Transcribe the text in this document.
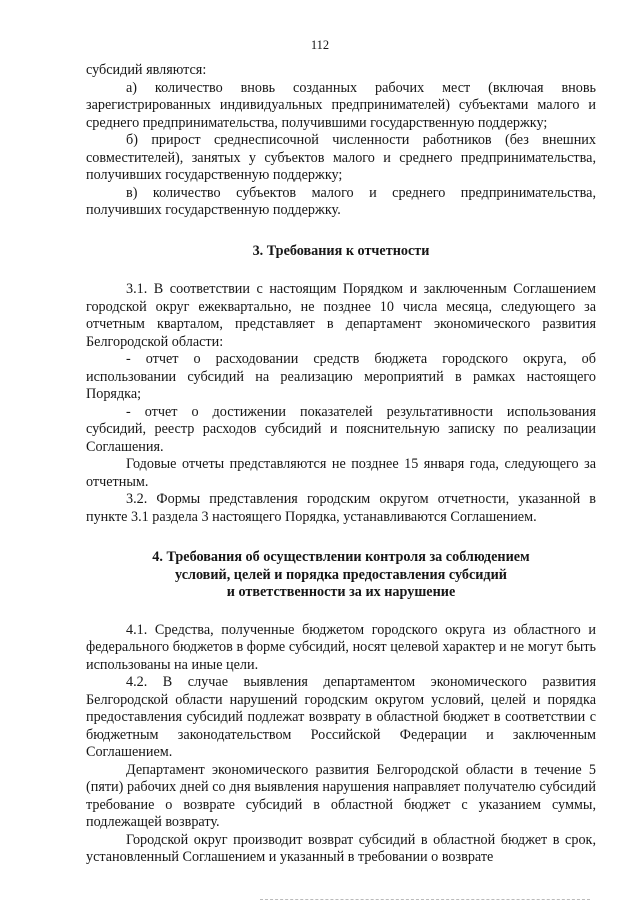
112

субсидий являются:

а) количество вновь созданных рабочих мест (включая вновь зарегистрированных индивидуальных предпринимателей) субъектами малого и среднего предпринимательства, получившими государственную поддержку;

б) прирост среднесписочной численности работников (без внешних совместителей), занятых у субъектов малого и среднего предпринимательства, получивших государственную поддержку;

в) количество субъектов малого и среднего предпринимательства, получивших государственную поддержку.

3. Требования к отчетности

3.1. В соответствии с настоящим Порядком и заключенным Соглашением городской округ ежеквартально, не позднее 10 числа месяца, следующего за отчетным кварталом, представляет в департамент экономического развития Белгородской области:

- отчет о расходовании средств бюджета городского округа, об использовании субсидий на реализацию мероприятий в рамках настоящего Порядка;

- отчет о достижении показателей результативности использования субсидий, реестр расходов субсидий и пояснительную записку по реализации Соглашения.

Годовые отчеты представляются не позднее 15 января года, следующего за отчетным.

3.2. Формы представления городским округом отчетности, указанной в пункте 3.1 раздела 3 настоящего Порядка, устанавливаются Соглашением.

4. Требования об осуществлении контроля за соблюдением
условий, целей и порядка предоставления субсидий
и ответственности за их нарушение

4.1. Средства, полученные бюджетом городского округа из областного и федерального бюджетов в форме субсидий, носят целевой характер и не могут быть использованы на иные цели.

4.2. В случае выявления департаментом экономического развития Белгородской области нарушений городским округом условий, целей и порядка предоставления субсидий подлежат возврату в областной бюджет в соответствии с бюджетным законодательством Российской Федерации и заключенным Соглашением.

Департамент экономического развития Белгородской области в течение 5 (пяти) рабочих дней со дня выявления нарушения направляет получателю субсидий требование о возврате субсидий в областной бюджет с указанием суммы, подлежащей возврату.

Городской округ производит возврат субсидий в областной бюджет в срок, установленный Соглашением и указанный в требовании о возврате
